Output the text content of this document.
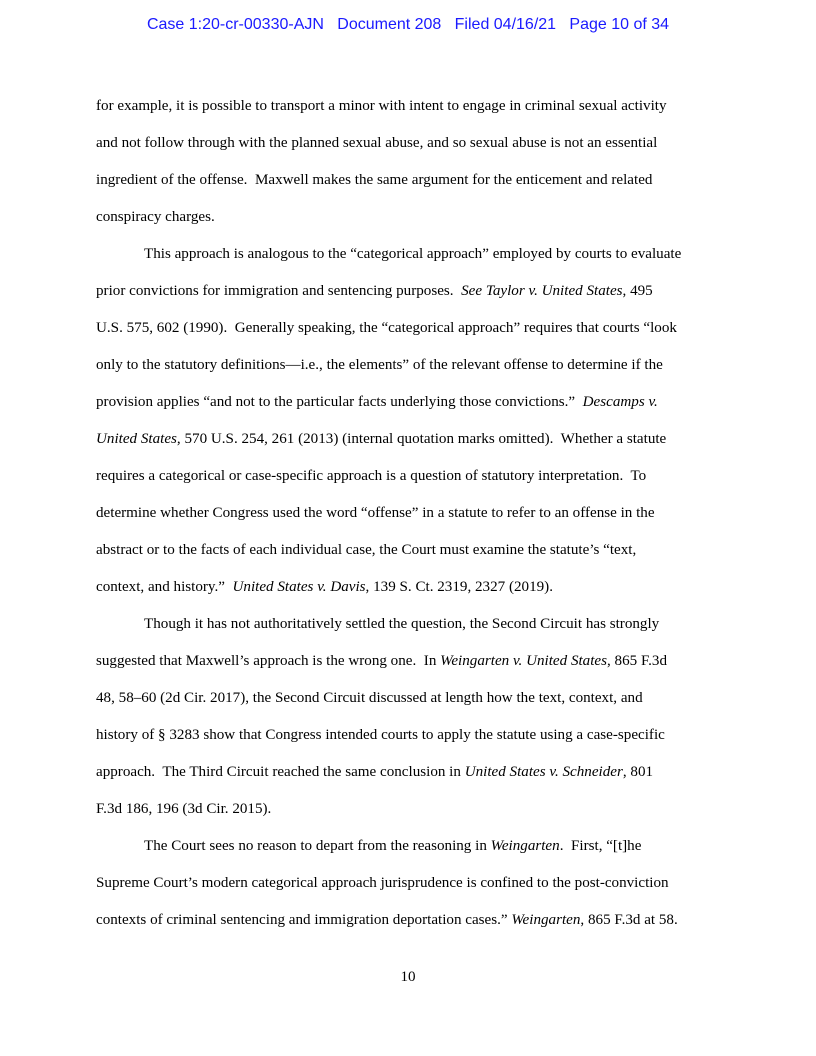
Case 1:20-cr-00330-AJN   Document 208   Filed 04/16/21   Page 10 of 34
for example, it is possible to transport a minor with intent to engage in criminal sexual activity
and not follow through with the planned sexual abuse, and so sexual abuse is not an essential
ingredient of the offense.  Maxwell makes the same argument for the enticement and related
conspiracy charges.
This approach is analogous to the “categorical approach” employed by courts to evaluate
prior convictions for immigration and sentencing purposes.  See Taylor v. United States, 495
U.S. 575, 602 (1990).  Generally speaking, the “categorical approach” requires that courts “look
only to the statutory definitions—i.e., the elements” of the relevant offense to determine if the
provision applies “and not to the particular facts underlying those convictions.”  Descamps v.
United States, 570 U.S. 254, 261 (2013) (internal quotation marks omitted).  Whether a statute
requires a categorical or case-specific approach is a question of statutory interpretation.  To
determine whether Congress used the word “offense” in a statute to refer to an offense in the
abstract or to the facts of each individual case, the Court must examine the statute’s “text,
context, and history.”  United States v. Davis, 139 S. Ct. 2319, 2327 (2019).
Though it has not authoritatively settled the question, the Second Circuit has strongly
suggested that Maxwell’s approach is the wrong one.  In Weingarten v. United States, 865 F.3d
48, 58–60 (2d Cir. 2017), the Second Circuit discussed at length how the text, context, and
history of § 3283 show that Congress intended courts to apply the statute using a case-specific
approach.  The Third Circuit reached the same conclusion in United States v. Schneider, 801
F.3d 186, 196 (3d Cir. 2015).
The Court sees no reason to depart from the reasoning in Weingarten.  First, “[t]he
Supreme Court’s modern categorical approach jurisprudence is confined to the post-conviction
contexts of criminal sentencing and immigration deportation cases.” Weingarten, 865 F.3d at 58.
10
